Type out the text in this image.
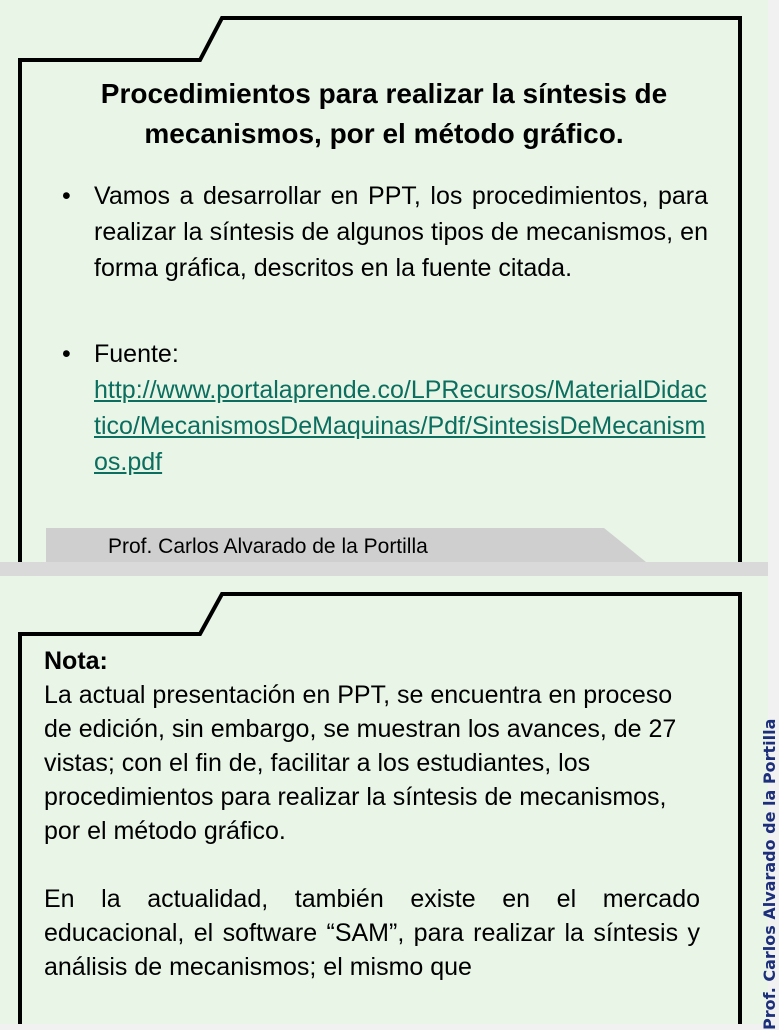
Procedimientos para realizar la síntesis de mecanismos, por el método gráfico.
• Vamos a desarrollar en PPT, los procedimientos, para realizar la síntesis de algunos tipos de mecanismos, en forma gráfica, descritos en la fuente citada.
• Fuente:
http://www.portalaprende.co/LPRecursos/MaterialDidactico/MecanismosDeMaquinas/Pdf/SintesisDeMecanismos.pdf
Prof. Carlos Alvarado de la Portilla
Nota:

La actual presentación en PPT, se encuentra en proceso de edición, sin embargo, se muestran los avances, de 27 vistas; con el fin de, facilitar a los estudiantes, los procedimientos para realizar la síntesis de mecanismos, por el método gráfico.

En la actualidad, también existe en el mercado educacional, el software “SAM”, para realizar la síntesis y análisis de mecanismos; el mismo que	Prof. Carlos Alvarado de la Portilla
